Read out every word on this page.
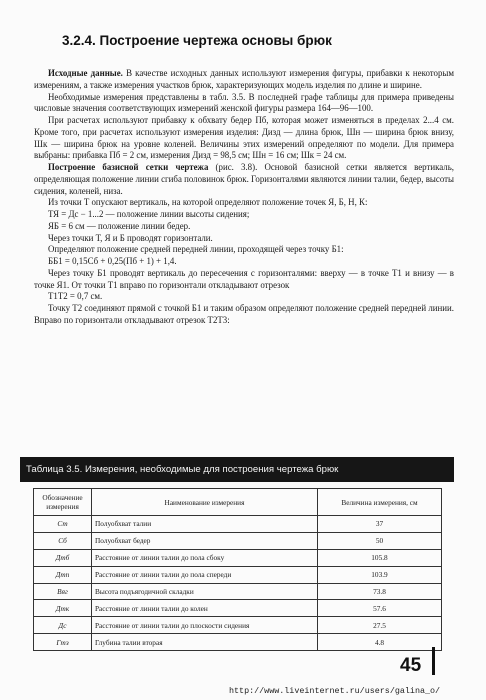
3.2.4. Построение чертежа основы брюк

Исходные данные. В качестве исходных данных используют измерения фигуры, прибавки к некоторым измерениям, а также измерения участков брюк, характеризующих модель изделия по длине и ширине.

Необходимые измерения представлены в табл. 3.5. В последней графе таблицы для примера приведены числовые значения соответствующих измерений женской фигуры размера 164—96—100.

При расчетах используют прибавку к обхвату бедер Пб, которая может изменяться в пределах 2...4 см. Кроме того, при расчетах используют измерения изделия: Дизд — длина брюк, Шн — ширина брюк внизу, Шк — ширина брюк на уровне коленей. Величины этих измерений определяют по модели. Для примера выбраны: прибавка Пб = 2 см, измерения Дизд = 98,5 см; Шн = 16 см; Шк = 24 см.

Построение базисной сетки чертежа (рис. 3.8). Основой базисной сетки является вертикаль, определяющая положение линии сгиба половинок брюк. Горизонталями являются линии талии, бедер, высоты сидения, коленей, низа.

Из точки Т опускают вертикаль, на которой определяют положение точек Я, Б, Н, К:

ТЯ = Дс − 1...2 — положение линии высоты сидения;

ЯБ = 6 см — положение линии бедер.

Через точки Т, Я и Б проводят горизонтали.

Определяют положение средней передней линии, проходящей через точку Б1:

ББ1 = 0,15Сб + 0,25(Пб + 1) + 1,4.

Через точку Б1 проводят вертикаль до пересечения с горизонталями: вверху — в точке Т1 и внизу — в точке Я1. От точки Т1 вправо по горизонтали откладывают отрезок

Т1Т2 = 0,7 см.

Точку Т2 соединяют прямой с точкой Б1 и таким образом определяют положение средней передней линии. Вправо по горизонтали откладывают отрезок Т2Т3:

Таблица 3.5. Измерения, необходимые для построения чертежа брюк
Обозначение измерения	Наименование измерения	Величина измерения, см
Ст	Полуобхват талии	37
Сб	Полуобхват бедер	50
Дтб	Расстояние от линии талии до пола сбоку	105.8
Дтп	Расстояние от линии талии до пола спереди	103.9
Вяг	Высота подъягодичной складки	73.8
Дтк	Расстояние от линии талии до колен	57.6
Дс	Расстояние от линии талии до плоскости сидения	27.5
Гтз	Глубина талии вторая	4.8
45
http://www.liveinternet.ru/users/galina_o/
